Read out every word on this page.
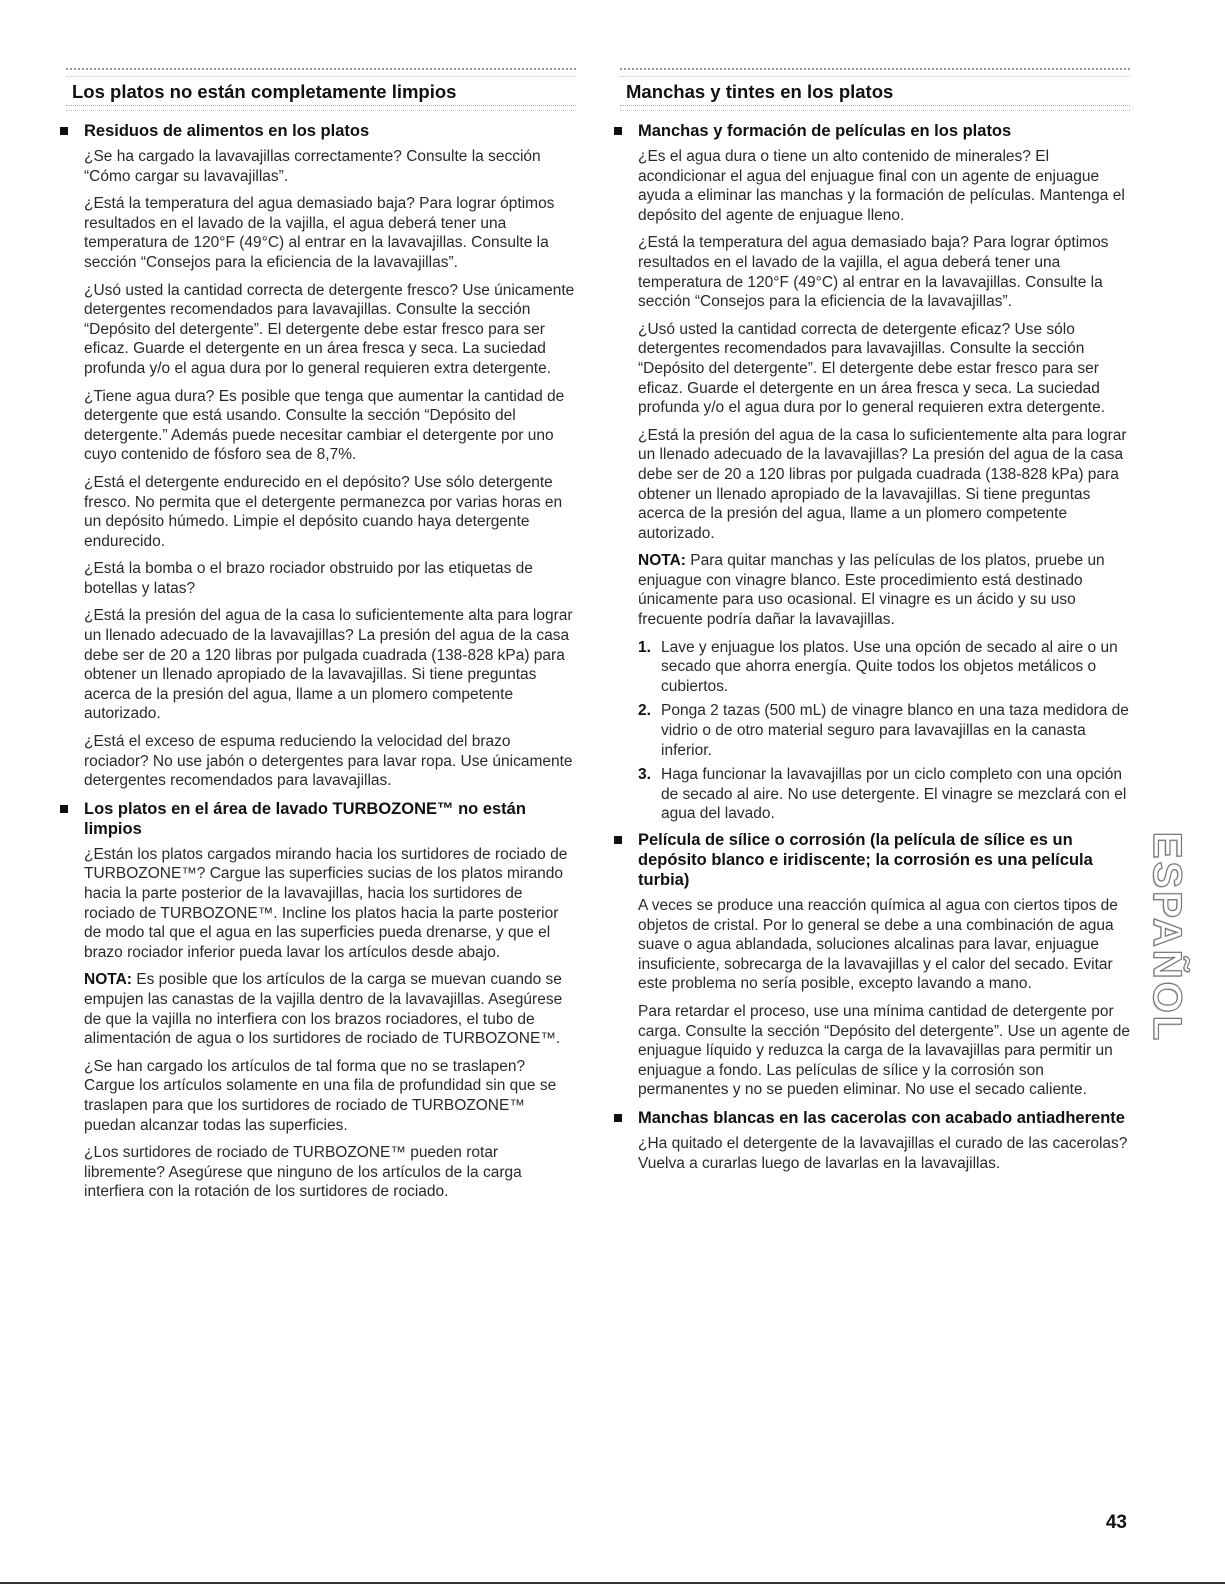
Los platos no están completamente limpios
Residuos de alimentos en los platos

¿Se ha cargado la lavavajillas correctamente? Consulte la sección “Cómo cargar su lavavajillas”.

¿Está la temperatura del agua demasiado baja? Para lograr óptimos resultados en el lavado de la vajilla, el agua deberá tener una temperatura de 120°F (49°C) al entrar en la lavavajillas. Consulte la sección “Consejos para la eficiencia de la lavavajillas”.

¿Usó usted la cantidad correcta de detergente fresco? Use únicamente detergentes recomendados para lavavajillas. Consulte la sección “Depósito del detergente”. El detergente debe estar fresco para ser eficaz. Guarde el detergente en un área fresca y seca. La suciedad profunda y/o el agua dura por lo general requieren extra detergente.

¿Tiene agua dura? Es posible que tenga que aumentar la cantidad de detergente que está usando. Consulte la sección “Depósito del detergente.” Además puede necesitar cambiar el detergente por uno cuyo contenido de fósforo sea de 8,7%.

¿Está el detergente endurecido en el depósito? Use sólo detergente fresco. No permita que el detergente permanezca por varias horas en un depósito húmedo. Limpie el depósito cuando haya detergente endurecido.

¿Está la bomba o el brazo rociador obstruido por las etiquetas de botellas y latas?

¿Está la presión del agua de la casa lo suficientemente alta para lograr un llenado adecuado de la lavavajillas? La presión del agua de la casa debe ser de 20 a 120 libras por pulgada cuadrada (138-828 kPa) para obtener un llenado apropiado de la lavavajillas. Si tiene preguntas acerca de la presión del agua, llame a un plomero competente autorizado.

¿Está el exceso de espuma reduciendo la velocidad del brazo rociador? No use jabón o detergentes para lavar ropa. Use únicamente detergentes recomendados para lavavajillas.

Los platos en el área de lavado TURBOZONE™ no están limpios

¿Están los platos cargados mirando hacia los surtidores de rociado de TURBOZONE™? Cargue las superficies sucias de los platos mirando hacia la parte posterior de la lavavajillas, hacia los surtidores de rociado de TURBOZONE™. Incline los platos hacia la parte posterior de modo tal que el agua en las superficies pueda drenarse, y que el brazo rociador inferior pueda lavar los artículos desde abajo.

NOTA: Es posible que los artículos de la carga se muevan cuando se empujen las canastas de la vajilla dentro de la lavavajillas. Asegúrese de que la vajilla no interfiera con los brazos rociadores, el tubo de alimentación de agua o los surtidores de rociado de TURBOZONE™.

¿Se han cargado los artículos de tal forma que no se traslapen? Cargue los artículos solamente en una fila de profundidad sin que se traslapen para que los surtidores de rociado de TURBOZONE™ puedan alcanzar todas las superficies.

¿Los surtidores de rociado de TURBOZONE™ pueden rotar libremente? Asegúrese que ninguno de los artículos de la carga interfiera con la rotación de los surtidores de rociado.

Manchas y tintes en los platos
Manchas y formación de películas en los platos

¿Es el agua dura o tiene un alto contenido de minerales? El acondicionar el agua del enjuague final con un agente de enjuague ayuda a eliminar las manchas y la formación de películas. Mantenga el depósito del agente de enjuague lleno.

¿Está la temperatura del agua demasiado baja? Para lograr óptimos resultados en el lavado de la vajilla, el agua deberá tener una temperatura de 120°F (49°C) al entrar en la lavavajillas. Consulte la sección “Consejos para la eficiencia de la lavavajillas”.

¿Usó usted la cantidad correcta de detergente eficaz? Use sólo detergentes recomendados para lavavajillas. Consulte la sección “Depósito del detergente”. El detergente debe estar fresco para ser eficaz. Guarde el detergente en un área fresca y seca. La suciedad profunda y/o el agua dura por lo general requieren extra detergente.

¿Está la presión del agua de la casa lo suficientemente alta para lograr un llenado adecuado de la lavavajillas? La presión del agua de la casa debe ser de 20 a 120 libras por pulgada cuadrada (138-828 kPa) para obtener un llenado apropiado de la lavavajillas. Si tiene preguntas acerca de la presión del agua, llame a un plomero competente autorizado.

NOTA: Para quitar manchas y las películas de los platos, pruebe un enjuague con vinagre blanco. Este procedimiento está destinado únicamente para uso ocasional. El vinagre es un ácido y su uso frecuente podría dañar la lavavajillas.

1. Lave y enjuague los platos. Use una opción de secado al aire o un secado que ahorra energía. Quite todos los objetos metálicos o cubiertos.
2. Ponga 2 tazas (500 mL) de vinagre blanco en una taza medidora de vidrio o de otro material seguro para lavavajillas en la canasta inferior.
3. Haga funcionar la lavavajillas por un ciclo completo con una opción de secado al aire. No use detergente. El vinagre se mezclará con el agua del lavado.
Película de sílice o corrosión (la película de sílice es un depósito blanco e iridiscente; la corrosión es una película turbia)

A veces se produce una reacción química al agua con ciertos tipos de objetos de cristal. Por lo general se debe a una combinación de agua suave o agua ablandada, soluciones alcalinas para lavar, enjuague insuficiente, sobrecarga de la lavavajillas y el calor del secado. Evitar este problema no sería posible, excepto lavando a mano.

Para retardar el proceso, use una mínima cantidad de detergente por carga. Consulte la sección “Depósito del detergente”. Use un agente de enjuague líquido y reduzca la carga de la lavavajillas para permitir un enjuague a fondo. Las películas de sílice y la corrosión son permanentes y no se pueden eliminar. No use el secado caliente.

Manchas blancas en las cacerolas con acabado antiadherente

¿Ha quitado el detergente de la lavavajillas el curado de las cacerolas? Vuelva a curarlas luego de lavarlas en la lavavajillas.

ESPAÑOL
43
